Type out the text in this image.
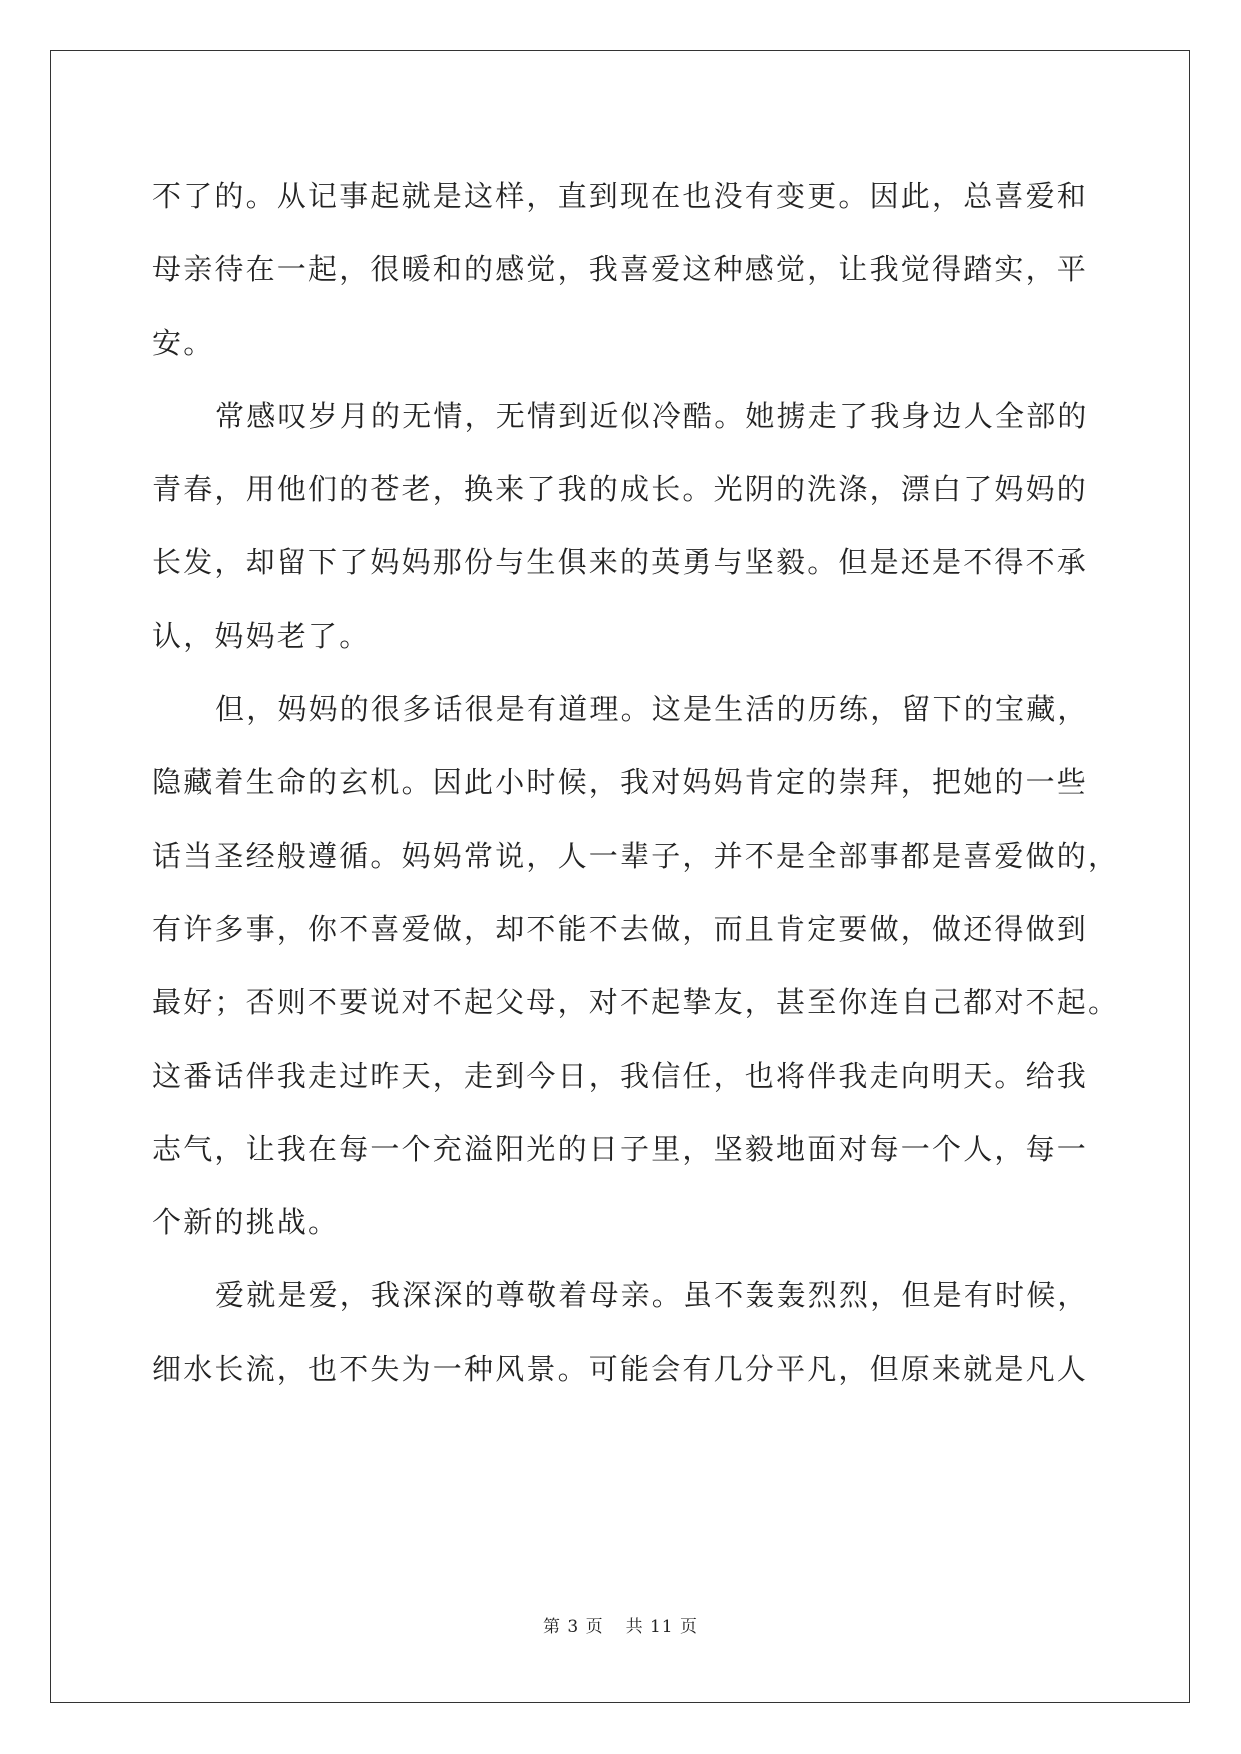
不了的。从记事起就是这样，直到现在也没有变更。因此，总喜爱和
母亲待在一起，很暖和的感觉，我喜爱这种感觉，让我觉得踏实，平
安。
常感叹岁月的无情，无情到近似冷酷。她掳走了我身边人全部的
青春，用他们的苍老，换来了我的成长。光阴的洗涤，漂白了妈妈的
长发，却留下了妈妈那份与生俱来的英勇与坚毅。但是还是不得不承
认，妈妈老了。
但，妈妈的很多话很是有道理。这是生活的历练，留下的宝藏，
隐藏着生命的玄机。因此小时候，我对妈妈肯定的崇拜，把她的一些
话当圣经般遵循。妈妈常说，人一辈子，并不是全部事都是喜爱做的，
有许多事，你不喜爱做，却不能不去做，而且肯定要做，做还得做到
最好；否则不要说对不起父母，对不起挚友，甚至你连自己都对不起。
这番话伴我走过昨天，走到今日，我信任，也将伴我走向明天。给我
志气，让我在每一个充溢阳光的日子里，坚毅地面对每一个人，每一
个新的挑战。
爱就是爱，我深深的尊敬着母亲。虽不轰轰烈烈，但是有时候，
细水长流，也不失为一种风景。可能会有几分平凡，但原来就是凡人
第 3 页 共 11 页
